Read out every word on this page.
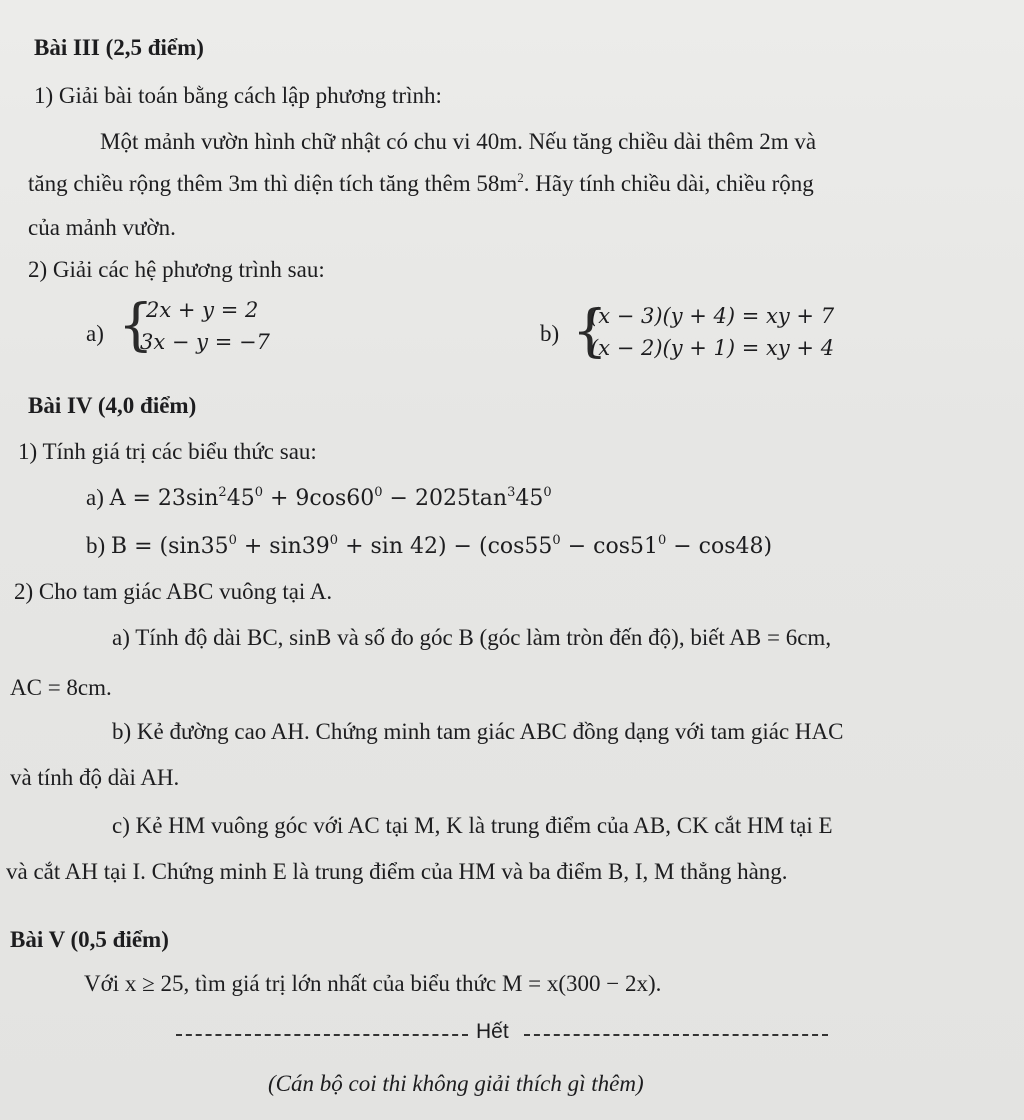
Bài III (2,5 điểm)
1) Giải bài toán bằng cách lập phương trình:
Một mảnh vườn hình chữ nhật có chu vi 40m. Nếu tăng chiều dài thêm 2m và
tăng chiều rộng thêm 3m thì diện tích tăng thêm $58m^2$. Hãy tính chiều dài, chiều rộng
của mảnh vườn.
2) Giải các hệ phương trình sau:
a) {
2x + y = 2
3x − y = −7	b) {
(x − 3)(y + 4) = xy + 7
(x − 2)(y + 1) = xy + 4
Bài IV (4,0 điểm)
1) Tính giá trị các biểu thức sau:
a) $A = 23\sin^245^0 + 9\cos 60^0 - 2025\tan^345^0$
b) $B = (\sin 35^0 + \sin 39^0 + \sin 42) - (\cos 55^0 - \cos 51^0 - \cos 48)$
2) Cho tam giác ABC vuông tại A.
a) Tính độ dài BC, sinB và số đo góc B (góc làm tròn đến độ), biết AB = 6cm,
AC = 8cm.
b) Kẻ đường cao AH. Chứng minh tam giác ABC đồng dạng với tam giác HAC
và tính độ dài AH.
c) Kẻ HM vuông góc với AC tại M, K là trung điểm của AB, CK cắt HM tại E
và cắt AH tại I. Chứng minh E là trung điểm của HM và ba điểm B, I, M thẳng hàng.
Bài V (0,5 điểm)
Với x ≥ 25, tìm giá trị lớn nhất của biểu thức M = x(300 − 2x).
Hết
(Cán bộ coi thi không giải thích gì thêm)
